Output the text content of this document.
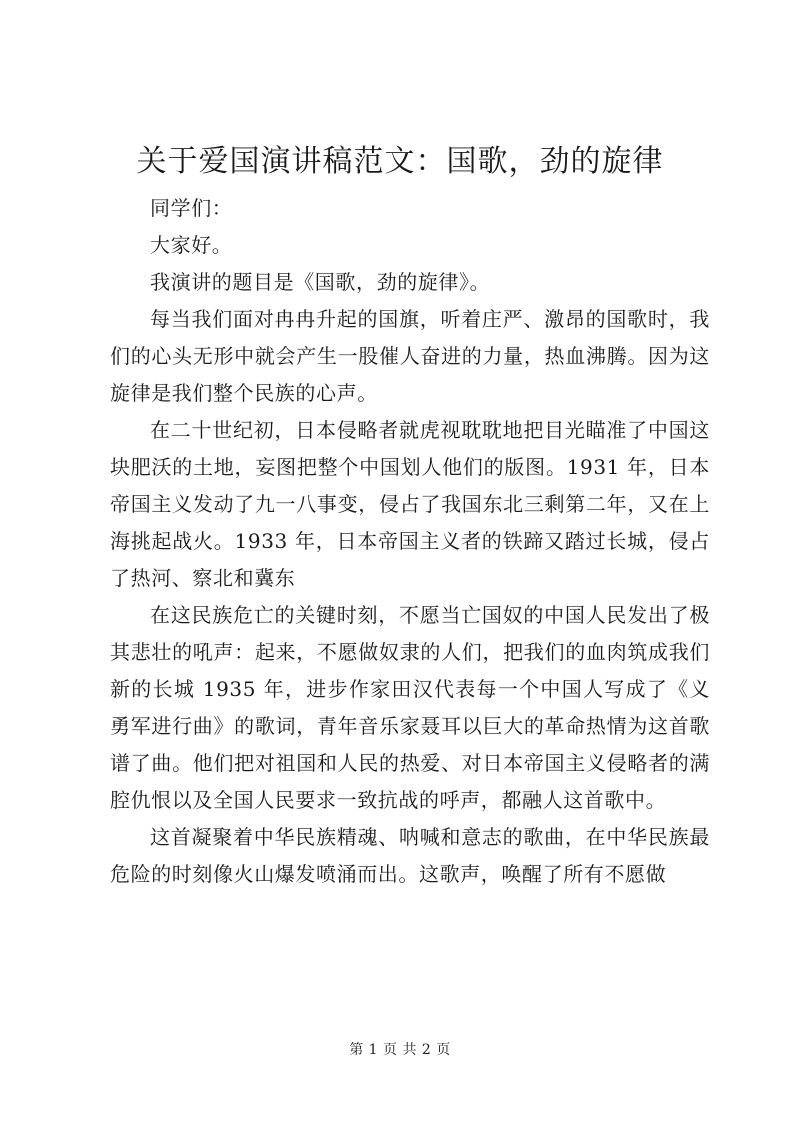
关于爱国演讲稿范文：国歌，劲的旋律

同学们：

大家好。

我演讲的题目是《国歌，劲的旋律》。

每当我们面对冉冉升起的国旗，听着庄严、激昂的国歌时，我们的心头无形中就会产生一股催人奋进的力量，热血沸腾。因为这旋律是我们整个民族的心声。

在二十世纪初，日本侵略者就虎视耽耽地把目光瞄准了中国这块肥沃的土地，妄图把整个中国划人他们的版图。1931 年，日本帝国主义发动了九一八事变，侵占了我国东北三剩第二年，又在上海挑起战火。1933 年，日本帝国主义者的铁蹄又踏过长城，侵占了热河、察北和冀东

在这民族危亡的关键时刻，不愿当亡国奴的中国人民发出了极其悲壮的吼声：起来，不愿做奴隶的人们，把我们的血肉筑成我们新的长城 1935 年，进步作家田汉代表每一个中国人写成了《义勇军进行曲》的歌词，青年音乐家聂耳以巨大的革命热情为这首歌谱了曲。他们把对祖国和人民的热爱、对日本帝国主义侵略者的满腔仇恨以及全国人民要求一致抗战的呼声，都融人这首歌中。

这首凝聚着中华民族精魂、呐喊和意志的歌曲，在中华民族最危险的时刻像火山爆发喷涌而出。这歌声，唤醒了所有不愿做

第 1 页 共 2 页
